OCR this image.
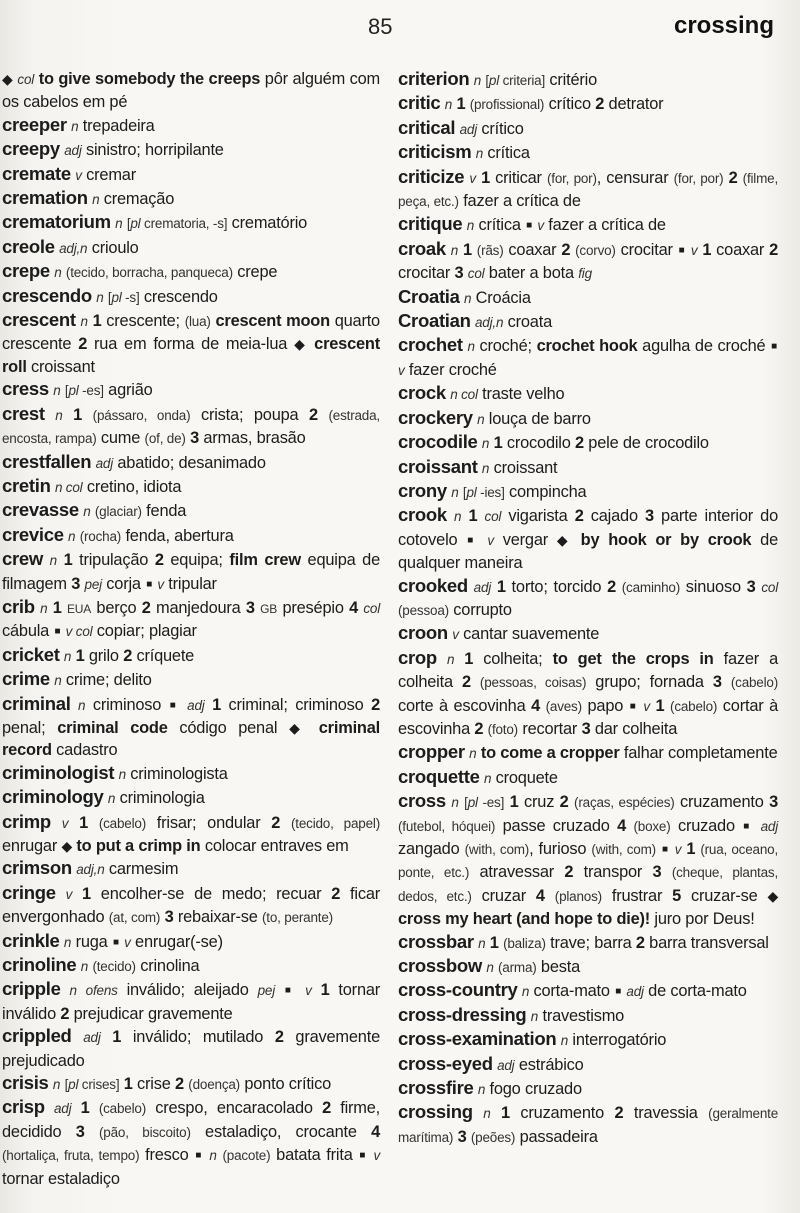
85	crossing

◆ col to give somebody the creeps pôr alguém com os cabelos em pé

creeper n trepadeira

creepy adj sinistro; horripilante

cremate v cremar

cremation n cremação

crematorium n [pl crematoria, -s] crematório

creole adj,n crioulo

crepe n (tecido, borracha, panqueca) crepe

crescendo n [pl -s] crescendo

crescent n 1 crescente; (lua) crescent moon quarto crescente 2 rua em forma de meia-lua ◆ crescent roll croissant

cress n [pl -es] agrião

crest n 1 (pássaro, onda) crista; poupa 2 (estrada, encosta, rampa) cume (of, de) 3 armas, brasão

crestfallen adj abatido; desanimado

cretin n col cretino, idiota

crevasse n (glaciar) fenda

crevice n (rocha) fenda, abertura

crew n 1 tripulação 2 equipa; film crew equipa de filmagem 3 pej corja ■ v tripular

crib n 1 EUA berço 2 manjedoura 3 GB presépio 4 col cábula ■ v col copiar; plagiar

cricket n 1 grilo 2 críquete

crime n crime; delito

criminal n criminoso ■ adj 1 criminal; criminoso 2 penal; criminal code código penal ◆ criminal record cadastro

criminologist n criminologista

criminology n criminologia

crimp v 1 (cabelo) frisar; ondular 2 (tecido, papel) enrugar ◆ to put a crimp in colocar entraves em

crimson adj,n carmesim

cringe v 1 encolher-se de medo; recuar 2 ficar envergonhado (at, com) 3 rebaixar-se (to, perante)

crinkle n ruga ■ v enrugar(-se)

crinoline n (tecido) crinolina

cripple n ofens inválido; aleijado pej ■ v 1 tornar inválido 2 prejudicar gravemente

crippled adj 1 inválido; mutilado 2 gravemente prejudicado

crisis n [pl crises] 1 crise 2 (doença) ponto crítico

crisp adj 1 (cabelo) crespo, encaracolado 2 firme, decidido 3 (pão, biscoito) estaladiço, crocante 4 (hortaliça, fruta, tempo) fresco ■ n (pacote) batata frita ■ v tornar estaladiço

criterion n [pl criteria] critério

critic n 1 (profissional) crítico 2 detrator

critical adj crítico

criticism n crítica

criticize v 1 criticar (for, por), censurar (for, por) 2 (filme, peça, etc.) fazer a crítica de

critique n crítica ■ v fazer a crítica de

croak n 1 (rãs) coaxar 2 (corvo) crocitar ■ v 1 coaxar 2 crocitar 3 col bater a bota fig

Croatia n Croácia

Croatian adj,n croata

crochet n croché; crochet hook agulha de croché ■ v fazer croché

crock n col traste velho

crockery n louça de barro

crocodile n 1 crocodilo 2 pele de crocodilo

croissant n croissant

crony n [pl -ies] compincha

crook n 1 col vigarista 2 cajado 3 parte interior do cotovelo ■ v vergar ◆ by hook or by crook de qualquer maneira

crooked adj 1 torto; torcido 2 (caminho) sinuoso 3 col (pessoa) corrupto

croon v cantar suavemente

crop n 1 colheita; to get the crops in fazer a colheita 2 (pessoas, coisas) grupo; fornada 3 (cabelo) corte à escovinha 4 (aves) papo ■ v 1 (cabelo) cortar à escovinha 2 (foto) recortar 3 dar colheita

cropper n to come a cropper falhar completamente

croquette n croquete

cross n [pl -es] 1 cruz 2 (raças, espécies) cruzamento 3 (futebol, hóquei) passe cruzado 4 (boxe) cruzado ■ adj zangado (with, com), furioso (with, com) ■ v 1 (rua, oceano, ponte, etc.) atravessar 2 transpor 3 (cheque, plantas, dedos, etc.) cruzar 4 (planos) frustrar 5 cruzar-se ◆ cross my heart (and hope to die)! juro por Deus!

crossbar n 1 (baliza) trave; barra 2 barra transversal

crossbow n (arma) besta

cross-country n corta-mato ■ adj de corta-mato

cross-dressing n travestismo

cross-examination n interrogatório

cross-eyed adj estrábico

crossfire n fogo cruzado

crossing n 1 cruzamento 2 travessia (geralmente marítima) 3 (peões) passadeira
